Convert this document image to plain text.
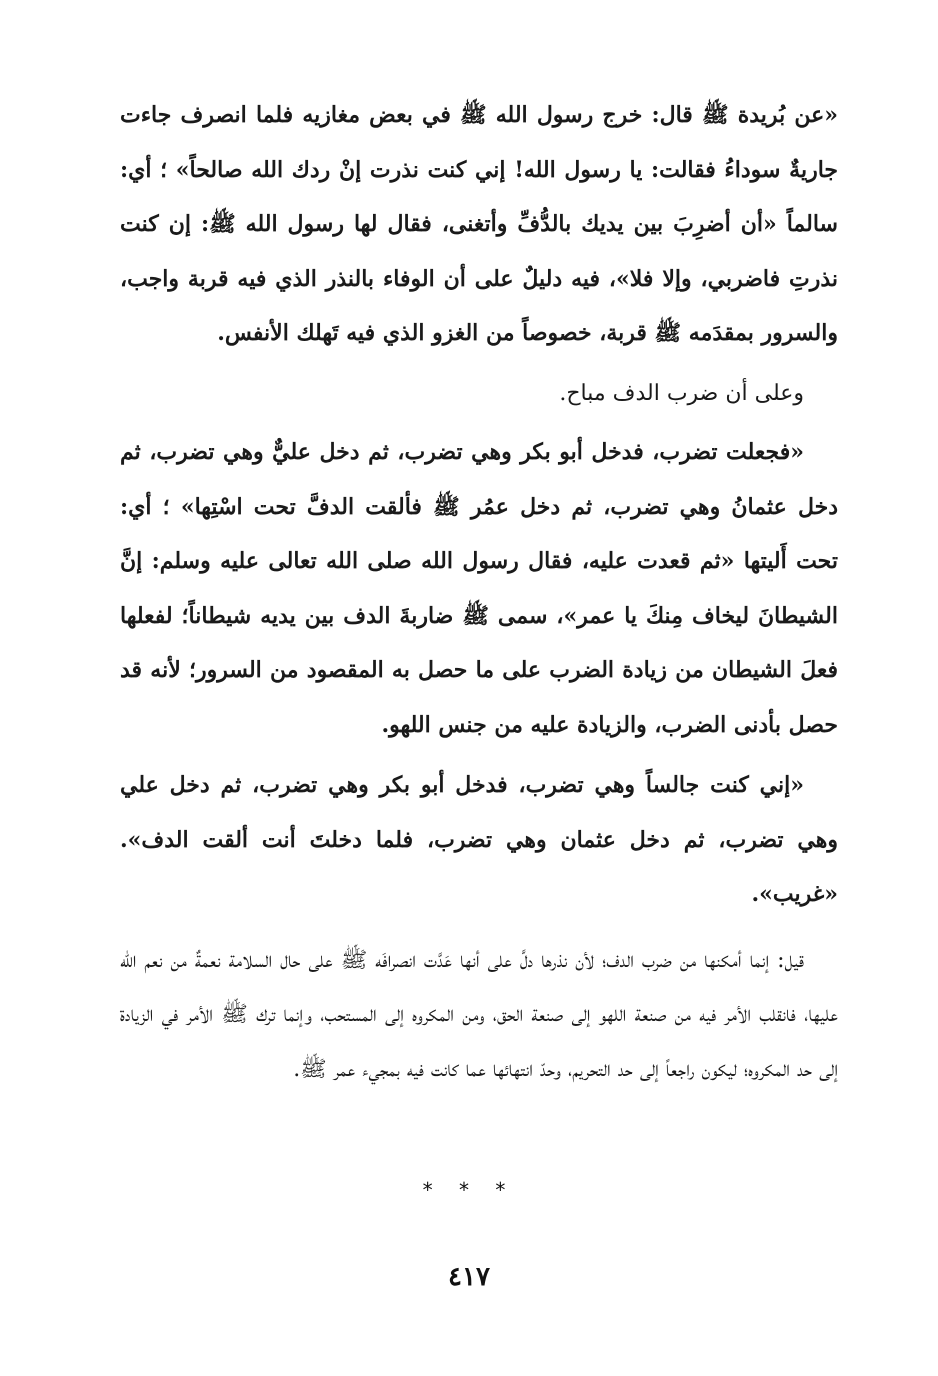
«عن بُريدة ﷺ قال: خرج رسول الله ﷺ في بعض مغازيه فلما انصرف جاءت جاريةٌ سوداءُ فقالت: يا رسول الله! إني كنت نذرت إنْ ردك الله صالحاً» ؛ أي: سالماً «أن أضرِبَ بين يديك بالدُّفِّ وأتغنى، فقال لها رسول الله ﷺ: إن كنت نذرتِ فاضربي، وإلا فلا»، فيه دليلٌ على أن الوفاء بالنذر الذي فيه قربة واجب، والسرور بمقدَمه ﷺ قربة، خصوصاً من الغزو الذي فيه تَهلك الأنفس.

وعلى أن ضرب الدف مباح.

«فجعلت تضرب، فدخل أبو بكر وهي تضرب، ثم دخل عليٌّ وهي تضرب، ثم دخل عثمانُ وهي تضرب، ثم دخل عمُر ﷺ فألقت الدفَّ تحت اسْتِها» ؛ أي: تحت أَليتها «ثم قعدت عليه، فقال رسول الله صلى الله تعالى عليه وسلم: إنَّ الشيطانَ ليخاف مِنكَ يا عمر»، سمى ﷺ ضاربةَ الدف بين يديه شيطاناً؛ لفعلها فعلَ الشيطان من زيادة الضرب على ما حصل به المقصود من السرور؛ لأنه قد حصل بأدنى الضرب، والزيادة عليه من جنس اللهو.

«إني كنت جالساً وهي تضرب، فدخل أبو بكر وهي تضرب، ثم دخل علي وهي تضرب، ثم دخل عثمان وهي تضرب، فلما دخلتَ أنت ألقت الدف». «غريب».

قيل: إنما أمكنها من ضرب الدف؛ لأن نذرها دلَّ على أنها عَدَّت انصرافَه ﷺ على حال السلامة نعمةٌ من نعم الله عليها، فانقلب الأمر فيه من صنعة اللهو إلى صنعة الحق، ومن المكروه إلى المستحب، وإنما ترك ﷺ الأمر في الزيادة إلى حد المكروه؛ ليكون راجعاً إلى حد التحريم، وحدّ انتهائها عما كانت فيه بمجيء عمر ﷺ.

* * *
٤١٧
